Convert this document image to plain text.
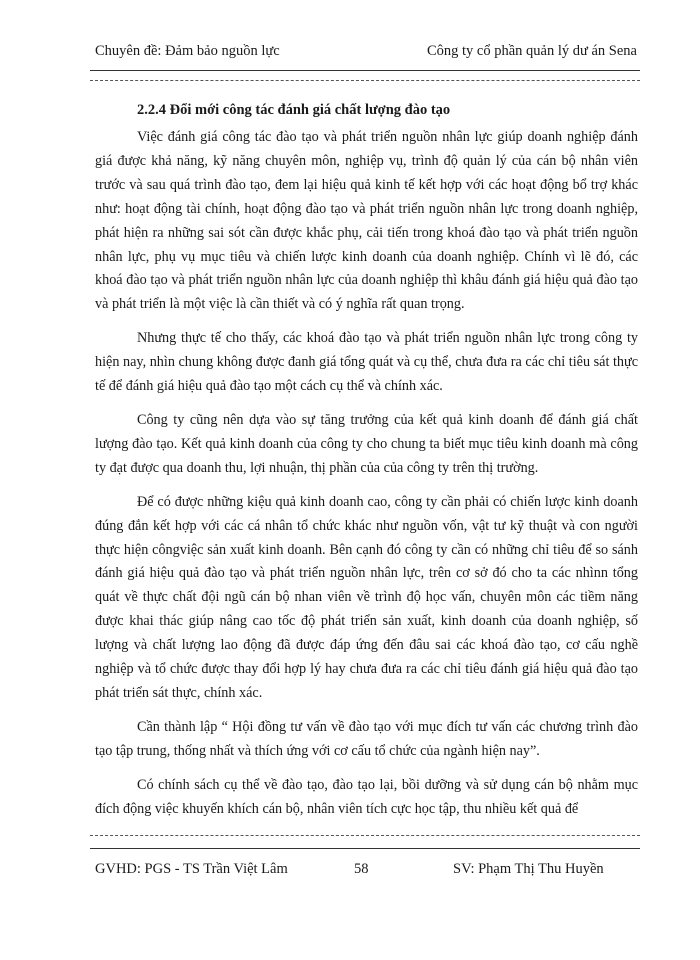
Chuyên đề: Đảm bảo nguồn lực	Công ty cổ phần quản lý dư án Sena
2.2.4 Đổi mới công tác đánh giá chất lượng đào tạo

Việc đánh giá công tác đào tạo và phát triển nguồn nhân lực giúp doanh nghiệp đánh giá được khả năng, kỹ năng chuyên môn, nghiệp vụ, trình độ quản lý của cán bộ nhân viên trước và sau quá trình đào tạo, đem lại hiệu quả kinh tế kết hợp với các hoạt động bổ trợ khác như: hoạt động tài chính, hoạt động đào tạo và phát triển nguồn nhân lực trong doanh nghiệp, phát hiện ra những sai sót cần được khắc phụ, cải tiến trong khoá đào tạo và phát triển nguồn nhân lực, phụ vụ mục tiêu và chiến lược kinh doanh của doanh nghiệp. Chính vì lẽ đó, các khoá đào tạo và phát triển nguồn nhân lực của doanh nghiệp thì khâu đánh giá hiệu quả đào tạo và phát triển là một việc là cần thiết và có ý nghĩa rất quan trọng.

Nhưng thực tế cho thấy, các khoá đào tạo và phát triển nguồn nhân lực trong công ty hiện nay, nhìn chung không được đanh giá tổng quát và cụ thể, chưa đưa ra các chỉ tiêu sát thực tế để đánh giá hiệu quả đào tạo một cách cụ thể và chính xác.

Công ty cũng nên dựa vào sự tăng trưởng của kết quả kinh doanh để đánh giá chất lượng đào tạo. Kết quả kinh doanh của công ty cho chung ta biết mục tiêu kinh doanh mà công ty đạt được qua doanh thu, lợi nhuận, thị phần của của công ty trên thị trường.

Để có được những kiệu quả kinh doanh cao, công ty cần phải có chiến lược kinh doanh đúng đắn kết hợp với các cá nhân tổ chức khác như nguồn vốn, vật tư kỹ thuật và con người thực hiện côngviệc sản xuất kinh doanh. Bên cạnh đó công ty cần có những chỉ tiêu để so sánh đánh giá hiệu quả đào tạo và phát triển nguồn nhân lực, trên cơ sở đó cho ta các nhìnn tổng quát về thực chất đội ngũ cán bộ nhan viên về trình độ học vấn, chuyên môn các tiềm năng được khai thác giúp nâng cao tốc độ phát triển sản xuất, kinh doanh của doanh nghiệp, số lượng và chất lượng lao động đã được đáp ứng đến đâu sai các khoá đào tạo, cơ cấu nghề nghiệp và tổ chức được thay đổi hợp lý hay chưa đưa ra các chỉ tiêu đánh giá hiệu quả đào tạo phát triển sát thực, chính xác.

Cần thành lập “ Hội đồng tư vấn về đào tạo với mục đích tư vấn các chương trình đào tạo tập trung, thống nhất và thích ứng với cơ cấu tổ chức của ngành hiện nay”.

Có chính sách cụ thể về đào tạo, đào tạo lại, bồi dưỡng và sử dụng cán bộ nhằm mục đích động việc khuyến khích cán bộ, nhân viên tích cực học tập, thu nhiều kết quả để

GVHD: PGS - TS Trần Việt Lâm	58	SV: Phạm Thị Thu Huyền
